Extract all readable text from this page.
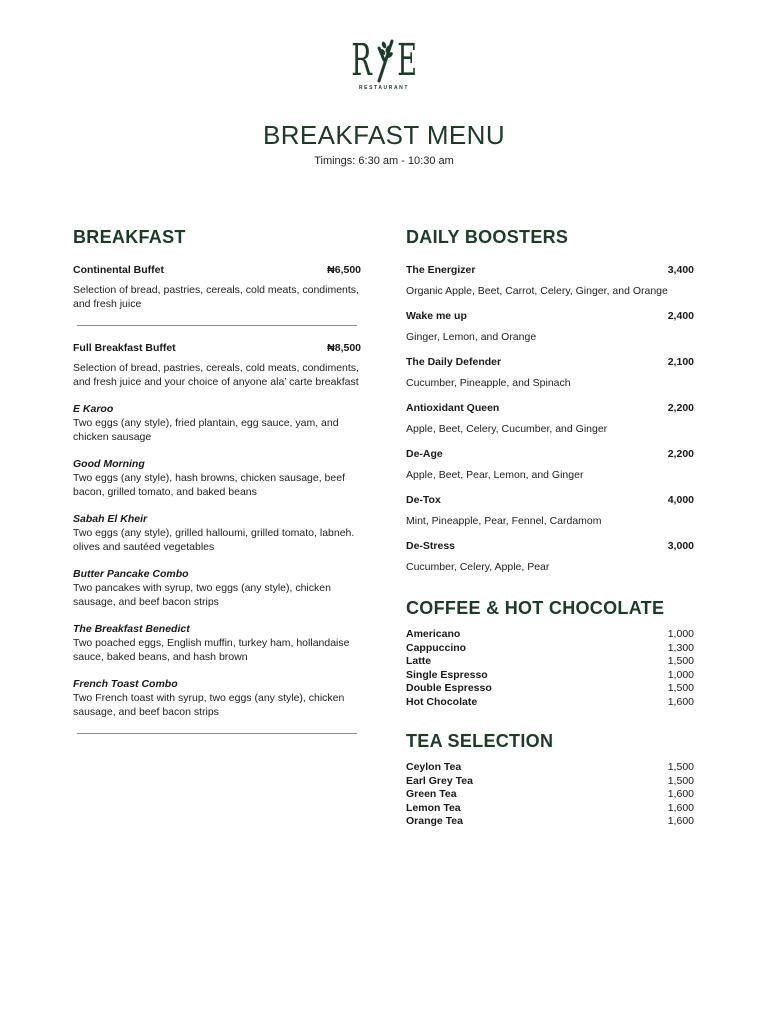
R E
RESTAURANT
BREAKFAST MENU
Timings: 6:30 am - 10:30 am
BREAKFAST
Continental Buffet	₦6,500
Selection of bread, pastries, cereals, cold meats, condiments, and fresh juice
Full Breakfast Buffet	₦8,500
Selection of bread, pastries, cereals, cold meats, condiments, and fresh juice and your choice of anyone ala’ carte breakfast
E Karoo
Two eggs (any style), fried plantain, egg sauce, yam, and chicken sausage
Good Morning
Two eggs (any style), hash browns, chicken sausage, beef bacon, grilled tomato, and baked beans
Sabah El Kheir
Two eggs (any style), grilled halloumi, grilled tomato, labneh. olives and sautéed vegetables
Butter Pancake Combo
Two pancakes with syrup, two eggs (any style), chicken sausage, and beef bacon strips
The Breakfast Benedict
Two poached eggs, English muffin, turkey ham, hollandaise sauce, baked beans, and hash brown
French Toast Combo
Two French toast with syrup, two eggs (any style), chicken sausage, and beef bacon strips
DAILY BOOSTERS
The Energizer	3,400
Organic Apple, Beet, Carrot, Celery, Ginger, and Orange
Wake me up	2,400
Ginger, Lemon, and Orange
The Daily Defender	2,100
Cucumber, Pineapple, and Spinach
Antioxidant Queen	2,200
Apple, Beet, Celery, Cucumber, and Ginger
De-Age	2,200
Apple, Beet, Pear, Lemon, and Ginger
De-Tox	4,000
Mint, Pineapple, Pear, Fennel, Cardamom
De-Stress	3,000
Cucumber, Celery, Apple, Pear
COFFEE & HOT CHOCOLATE
Americano	1,000
Cappuccino	1,300
Latte	1,500
Single Espresso	1,000
Double Espresso	1,500
Hot Chocolate	1,600
TEA SELECTION
Ceylon Tea	1,500
Earl Grey Tea	1,500
Green Tea	1,600
Lemon Tea	1,600
Orange Tea	1,600
